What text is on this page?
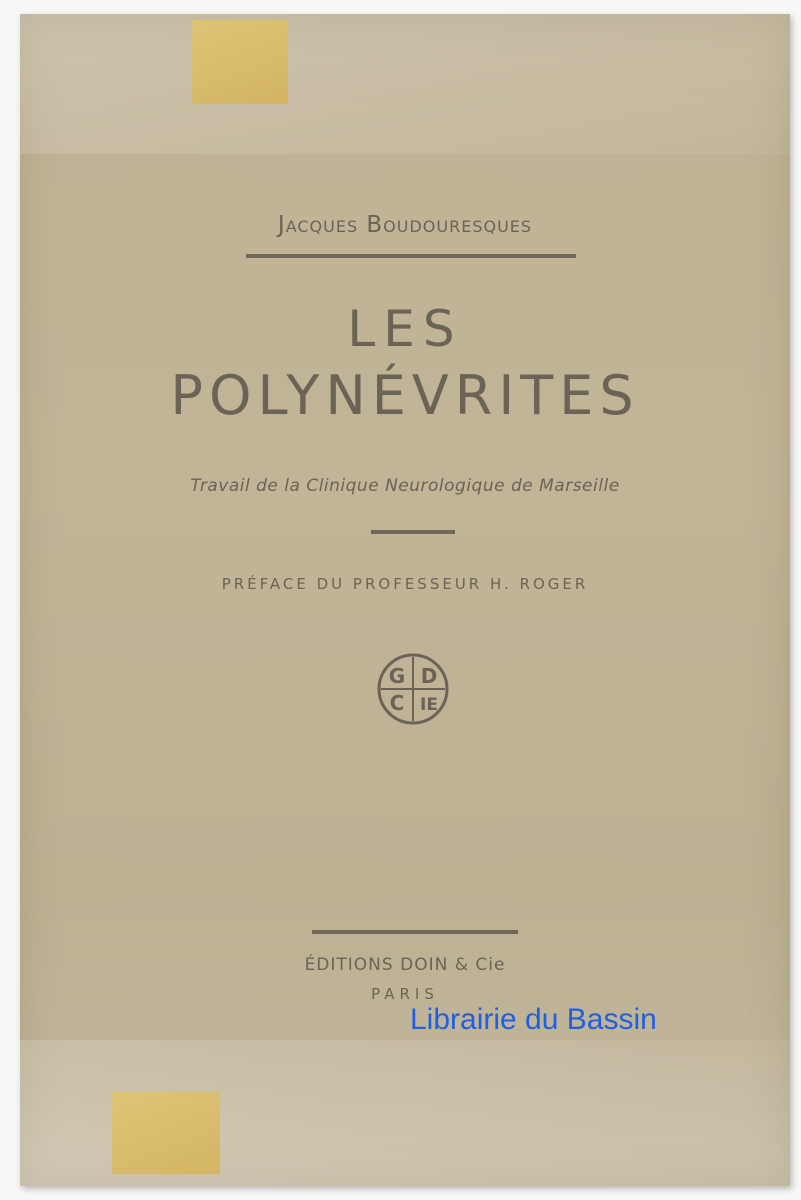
Jacques Boudouresques
LES
POLYNÉVRITES
Travail de la Clinique Neurologique de Marseille
PRÉFACE DU PROFESSEUR H. ROGER
G D
C IE
ÉDITIONS DOIN & Cie
PARIS
Librairie du Bassin
